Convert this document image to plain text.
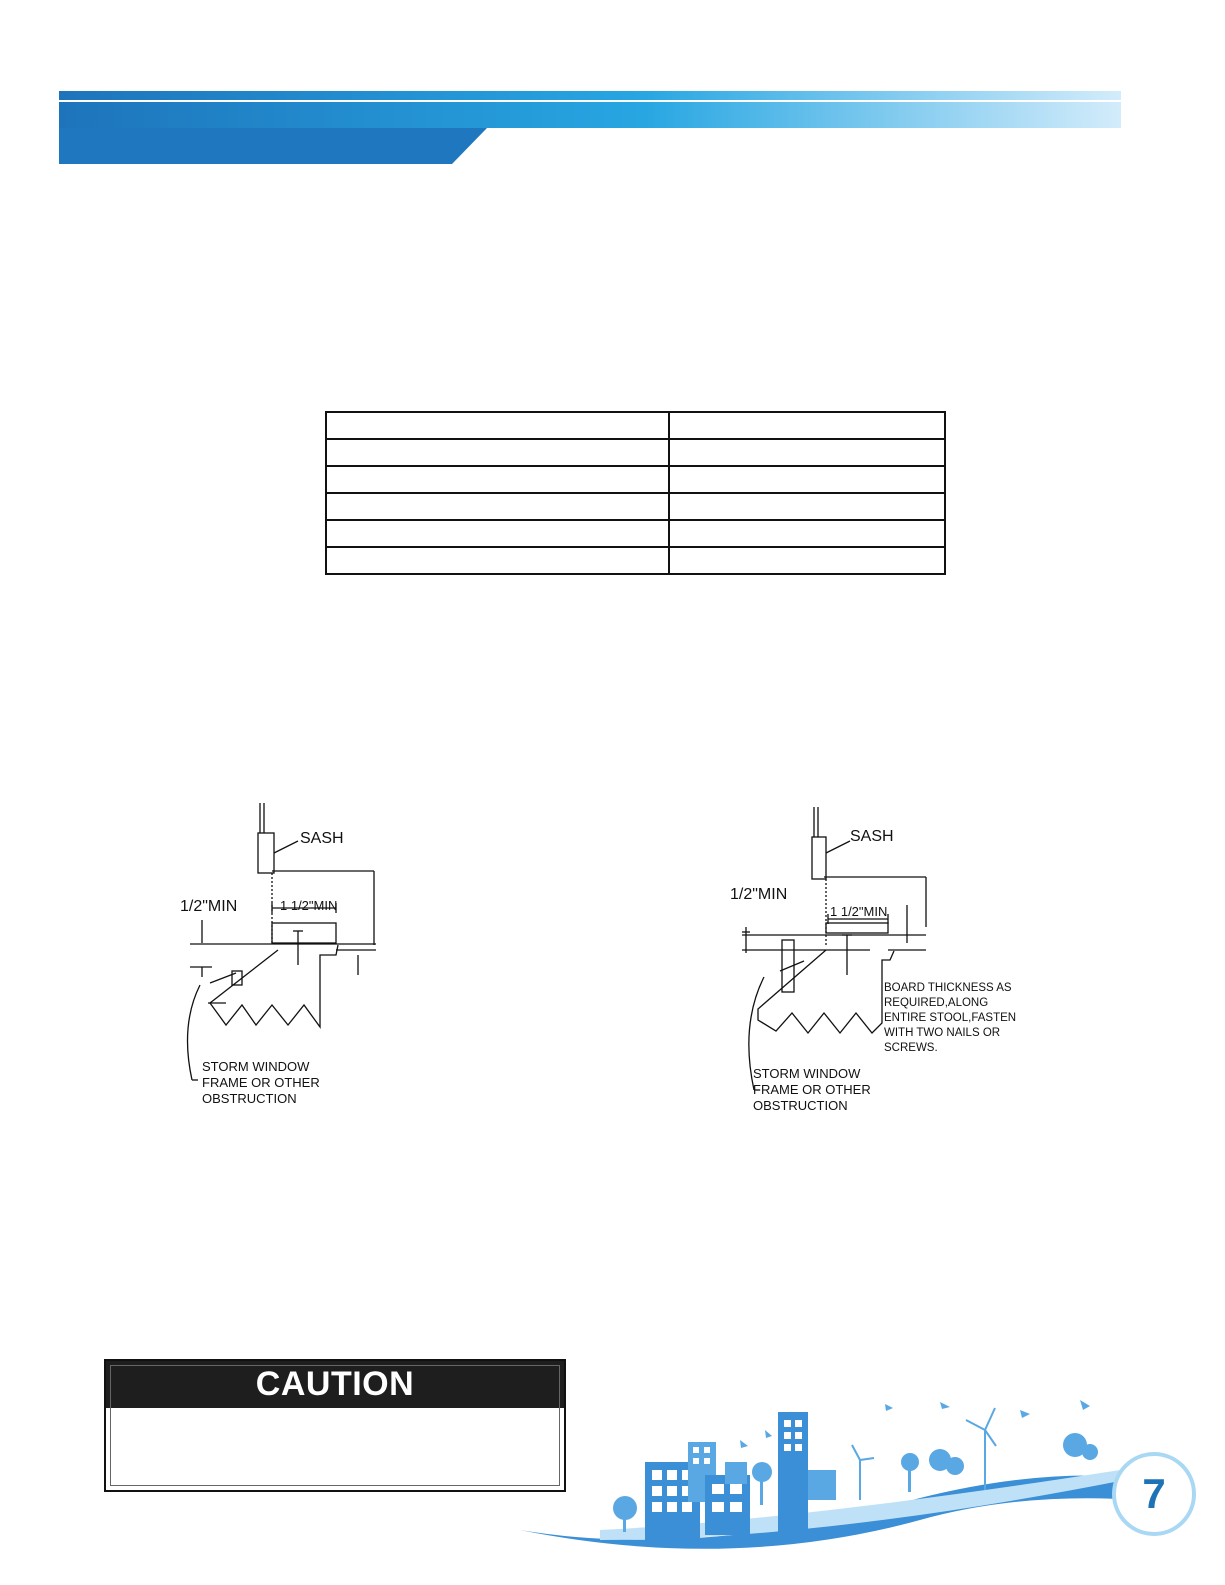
SASH
1/2"MIN	1 1/2"MIN
STORM WINDOW
FRAME OR OTHER
OBSTRUCTION
SASH
1/2"MIN
1 1/2"MIN
BOARD THICKNESS AS
REQUIRED,ALONG
ENTIRE STOOL,FASTEN
WITH TWO NAILS OR
SCREWS.
STORM WINDOW
FRAME OR OTHER
OBSTRUCTION
CAUTION
7
